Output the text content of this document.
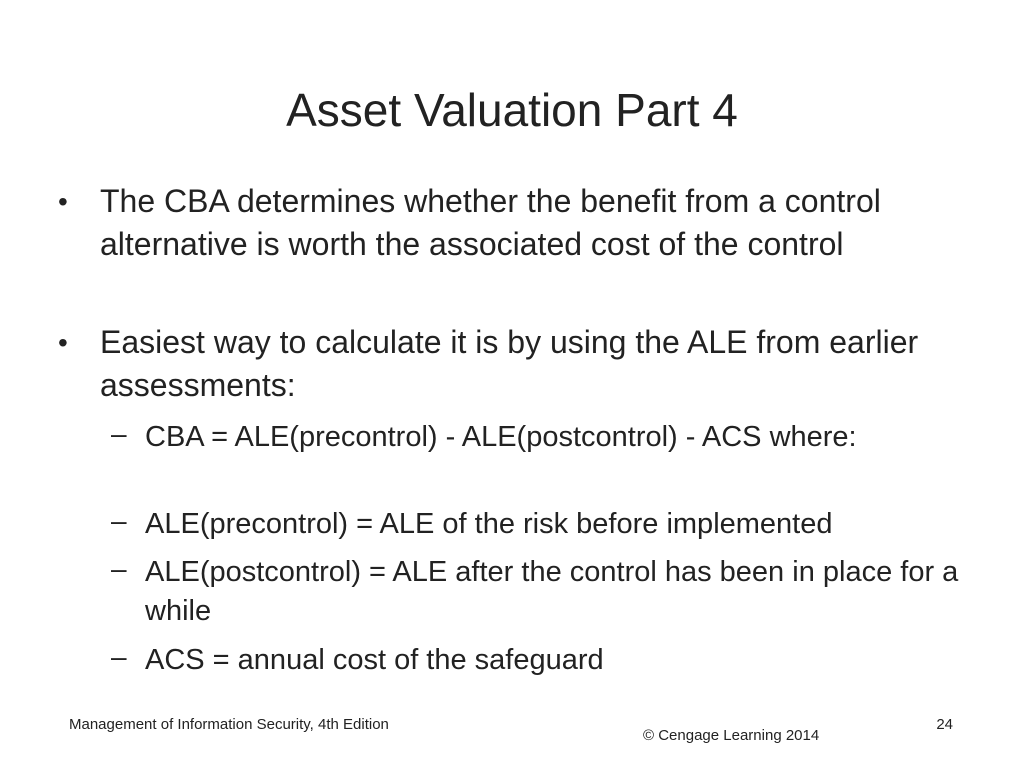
Asset Valuation Part 4
• The CBA determines whether the benefit from a control alternative is worth the associated cost of the control
• Easiest way to calculate it is by using the ALE from earlier assessments:
– CBA = ALE(precontrol) - ALE(postcontrol) - ACS where:
– ALE(precontrol) = ALE of the risk before implemented
– ALE(postcontrol) = ALE after the control has been in place for a while
– ACS = annual cost of the safeguard
Management of Information Security, 4th Edition
© Cengage Learning 2014
24
